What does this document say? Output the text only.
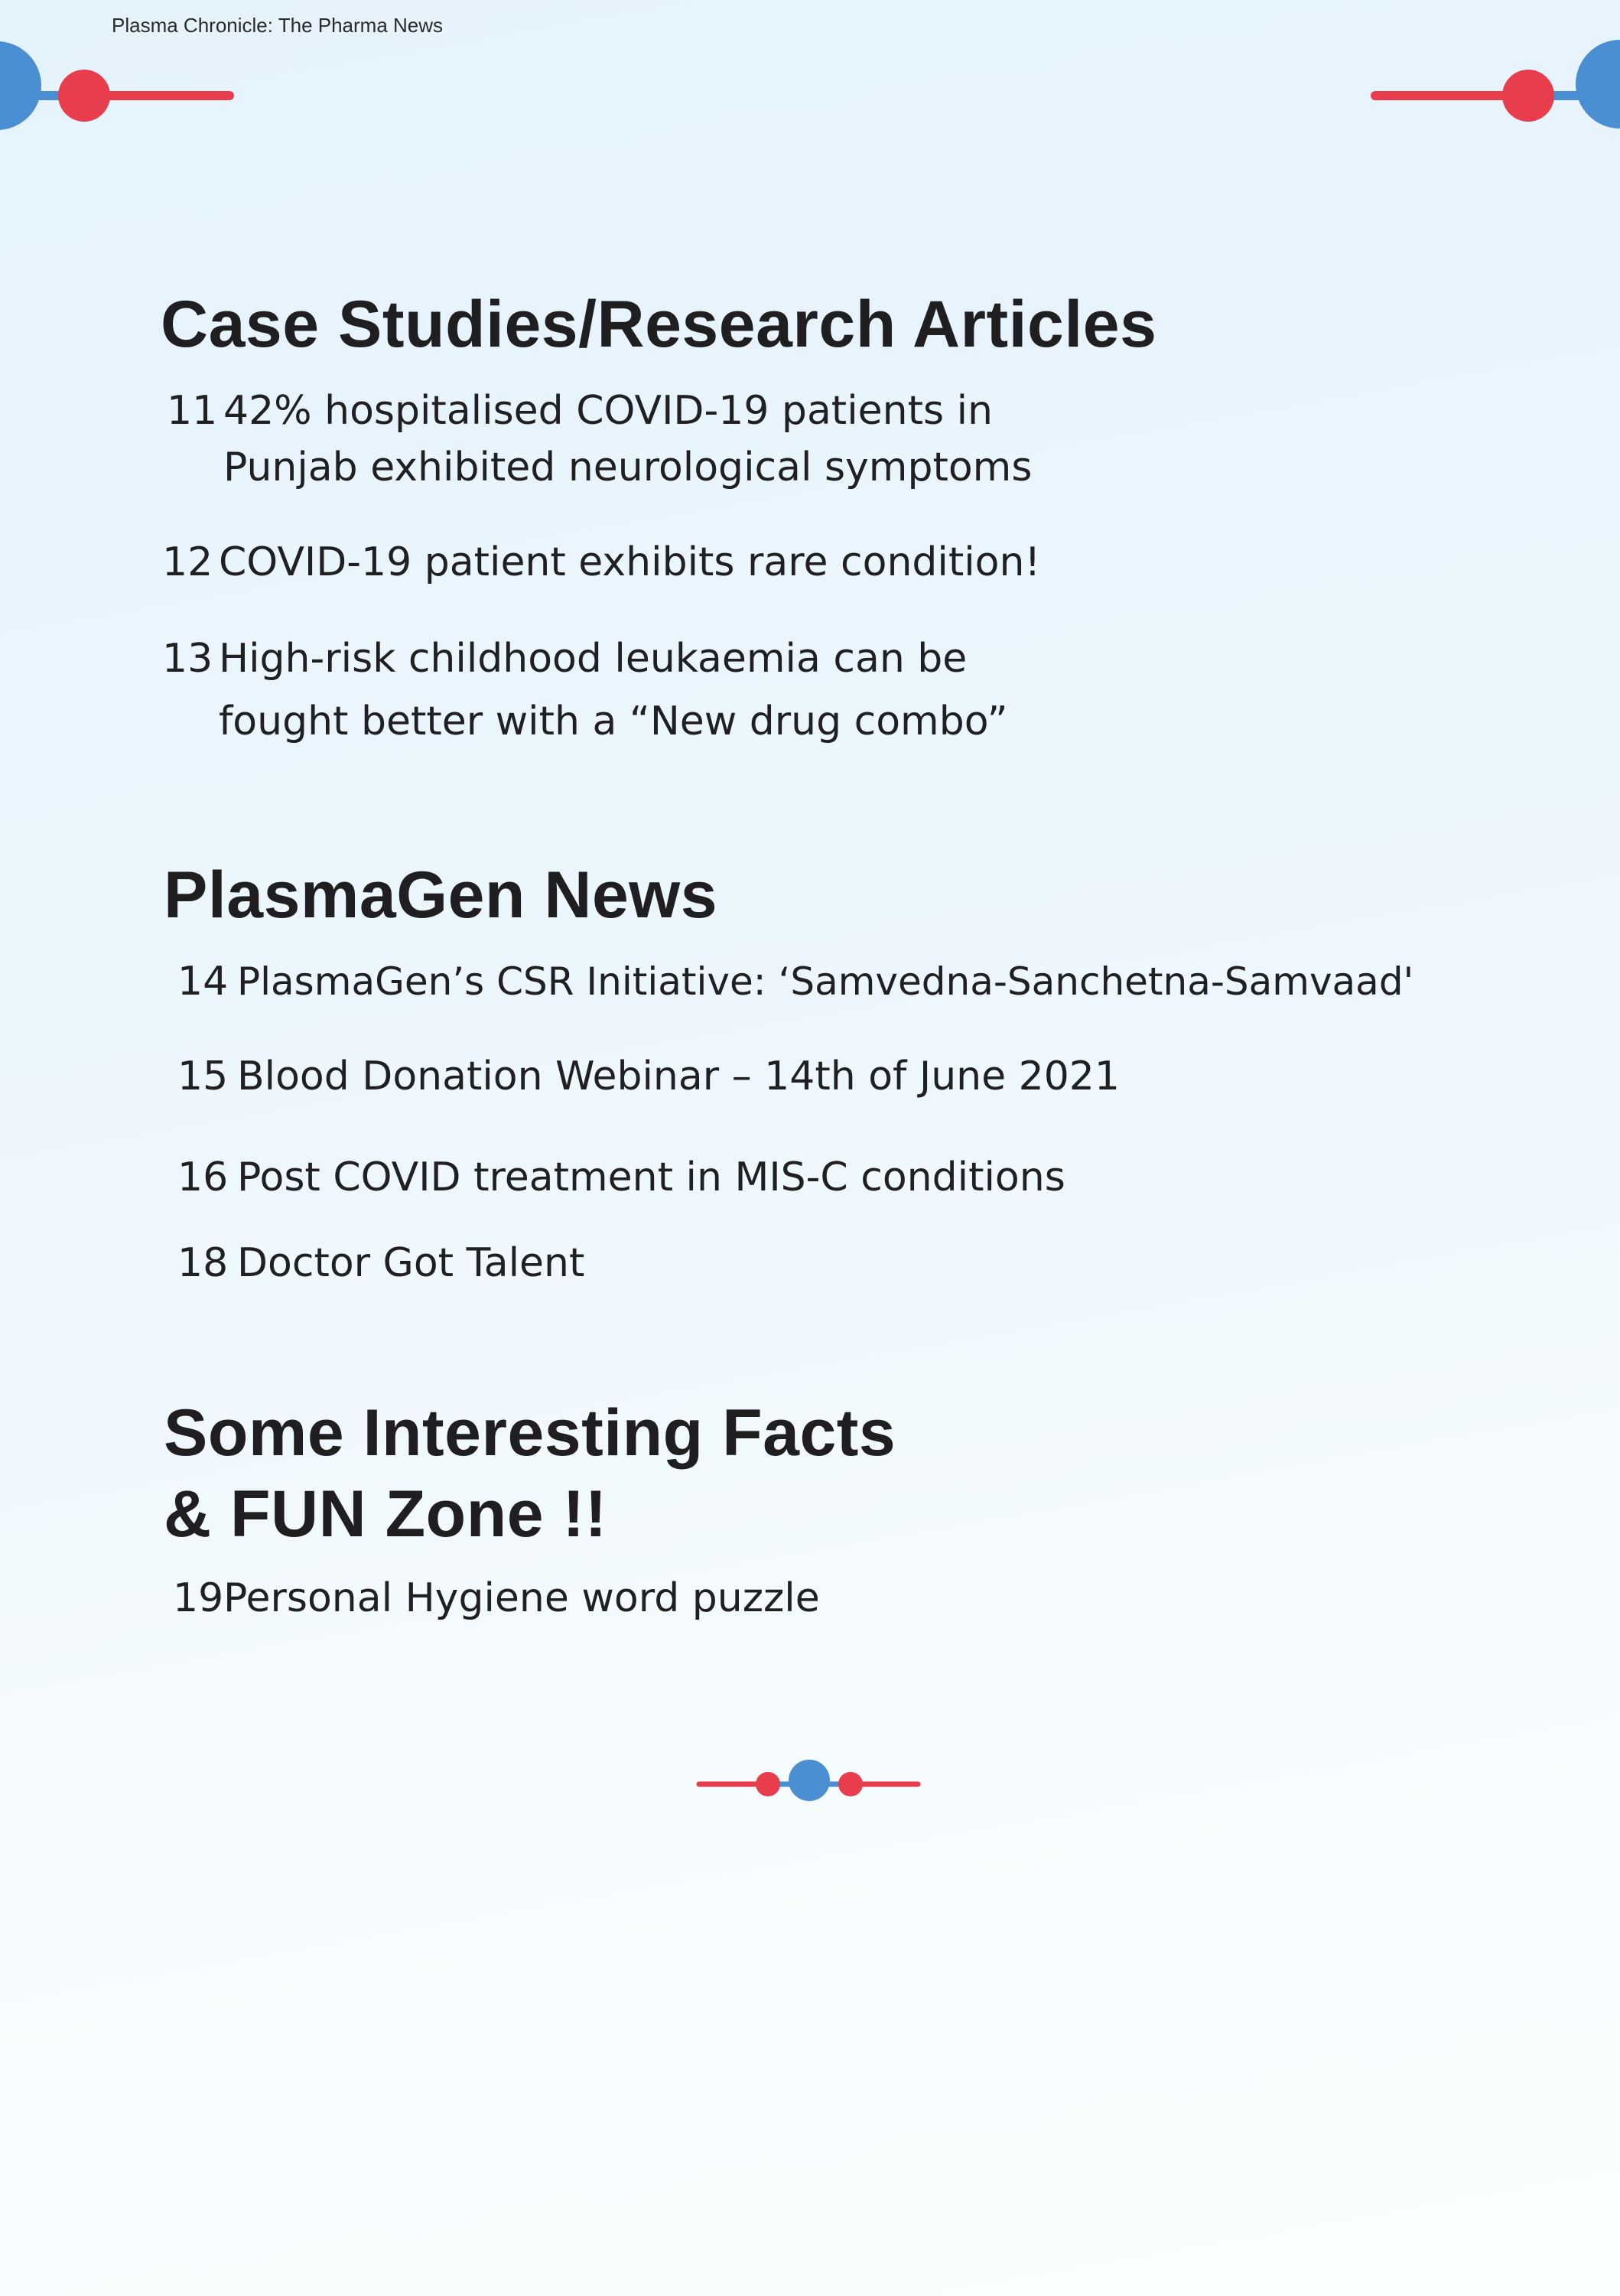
Plasma Chronicle: The Pharma News
Case Studies/Research Articles
11 42% hospitalised COVID-19 patients in Punjab exhibited neurological symptoms
12 COVID-19 patient exhibits rare condition!
13 High-risk childhood leukaemia can be fought better with a “New drug combo”
PlasmaGen News
14 PlasmaGen’s CSR Initiative: ‘Samvedna-Sanchetna-Samvaad'
15 Blood Donation Webinar – 14th of June 2021
16 Post COVID treatment in MIS-C conditions
18 Doctor Got Talent
Some Interesting Facts & FUN Zone !!
19 Personal Hygiene word puzzle
